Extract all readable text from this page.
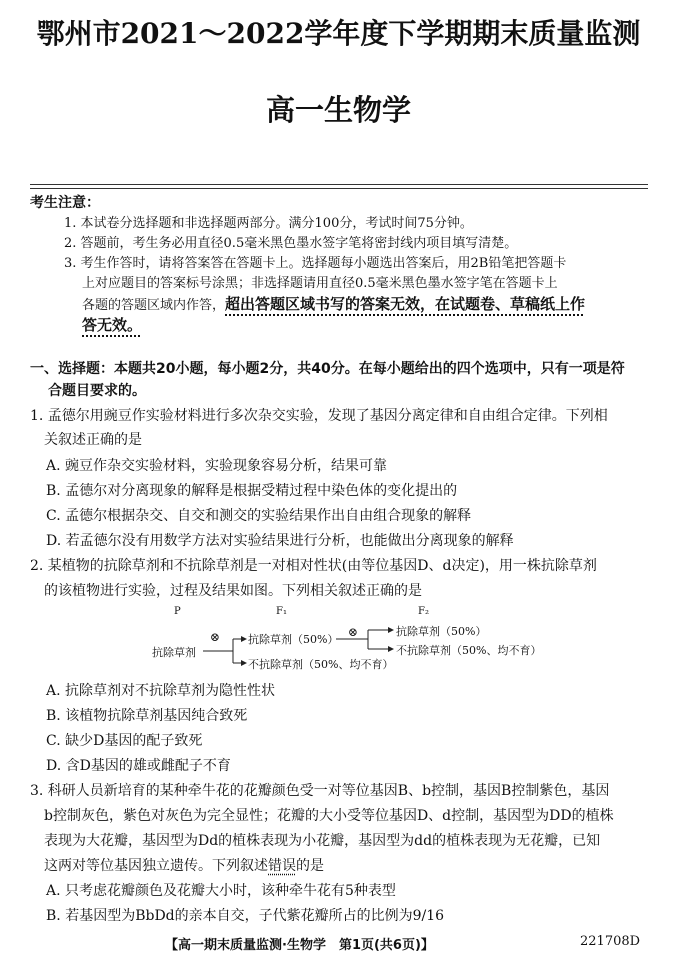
鄂州市2021～2022学年度下学期期末质量监测
高一生物学
考生注意：
1. 本试卷分选择题和非选择题两部分。满分100分，考试时间75分钟。
2. 答题前，考生务必用直径0.5毫米黑色墨水签字笔将密封线内项目填写清楚。
3. 考生作答时，请将答案答在答题卡上。选择题每小题选出答案后，用2B铅笔把答题卡
上对应题目的答案标号涂黑；非选择题请用直径0.5毫米黑色墨水签字笔在答题卡上
各题的答题区域内作答，超出答题区域书写的答案无效，在试题卷、草稿纸上作
答无效。
一、选择题：本题共20小题，每小题2分，共40分。在每小题给出的四个选项中，只有一项是符
合题目要求的。
1. 孟德尔用豌豆作实验材料进行多次杂交实验，发现了基因分离定律和自由组合定律。下列相
关叙述正确的是
A. 豌豆作杂交实验材料，实验现象容易分析，结果可靠
B. 孟德尔对分离现象的解释是根据受精过程中染色体的变化提出的
C. 孟德尔根据杂交、自交和测交的实验结果作出自由组合现象的解释
D. 若孟德尔没有用数学方法对实验结果进行分析，也能做出分离现象的解释
2. 某植物的抗除草剂和不抗除草剂是一对相对性状(由等位基因D、d决定)，用一株抗除草剂
的该植物进行实验，过程及结果如图。下列相关叙述正确的是
P	F₁	F₂
抗除草剂
⊗	抗除草剂（50%）
不抗除草剂（50%、均不育）
⊗	抗除草剂（50%）
不抗除草剂（50%、均不育）
A. 抗除草剂对不抗除草剂为隐性性状
B. 该植物抗除草剂基因纯合致死
C. 缺少D基因的配子致死
D. 含D基因的雄或雌配子不育
3. 科研人员新培育的某种牵牛花的花瓣颜色受一对等位基因B、b控制，基因B控制紫色，基因
b控制灰色，紫色对灰色为完全显性；花瓣的大小受等位基因D、d控制，基因型为DD的植株
表现为大花瓣，基因型为Dd的植株表现为小花瓣，基因型为dd的植株表现为无花瓣，已知
这两对等位基因独立遗传。下列叙述错误的是
A. 只考虑花瓣颜色及花瓣大小时，该种牵牛花有5种表型
B. 若基因型为BbDd的亲本自交，子代紫花瓣所占的比例为9/16
【高一期末质量监测·生物学　第1页(共6页)】	221708D
